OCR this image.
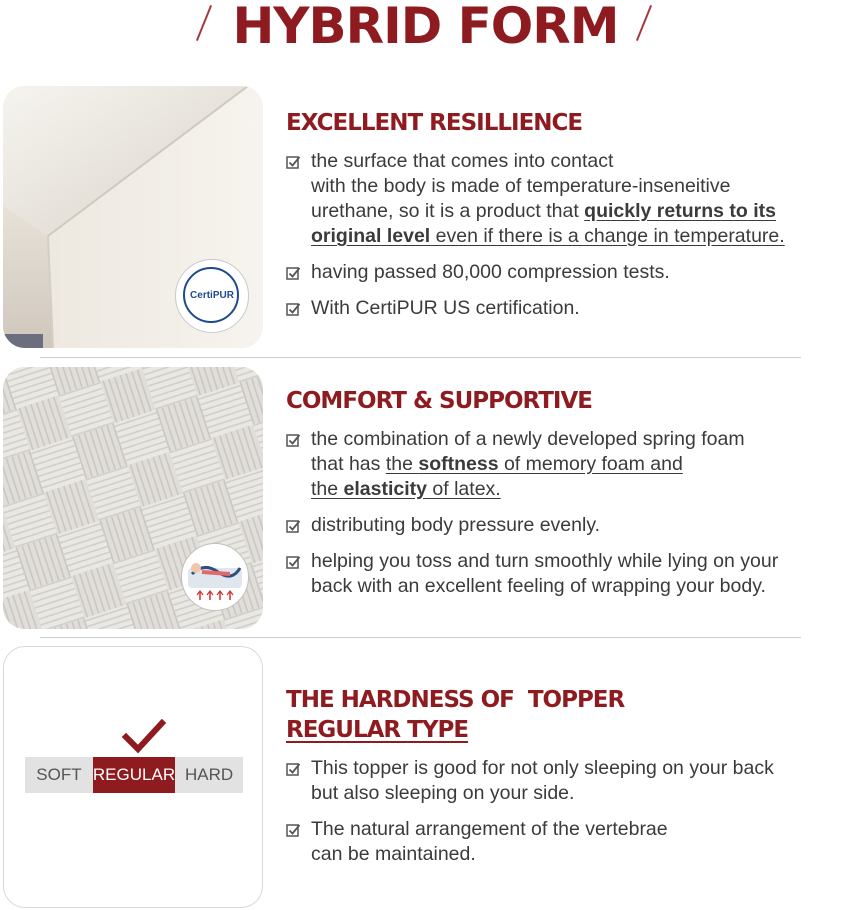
HYBRID FORM
CertiPUR
EXCELLENT RESILLIENCE
the surface that comes into contact
with the body is made of temperature-inseneitive
urethane, so it is a product that quickly returns to its
original level even if there is a change in temperature.
having passed 80,000 compression tests.
With CertiPUR US certification.
COMFORT & SUPPORTIVE
the combination of a newly developed spring foam
that has the softness of memory foam and
the elasticity of latex.
distributing body pressure evenly.
helping you toss and turn smoothly while lying on your
back with an excellent feeling of wrapping your body.
SOFT REGULAR HARD
THE HARDNESS OF  TOPPER
REGULAR TYPE
This topper is good for not only sleeping on your back
but also sleeping on your side.
The natural arrangement of the vertebrae
can be maintained.
